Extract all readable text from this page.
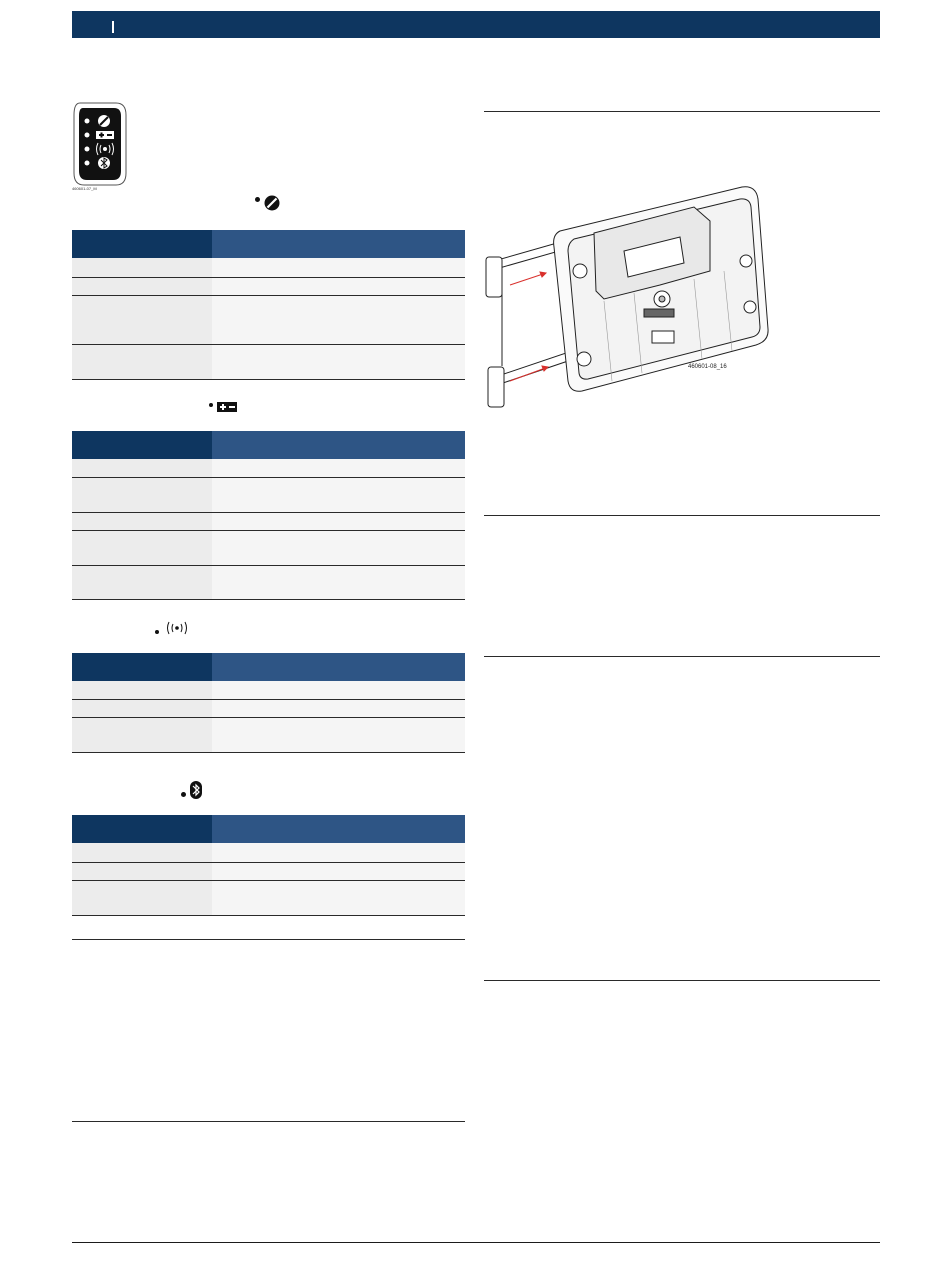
460601-07_M
460601-08_16
